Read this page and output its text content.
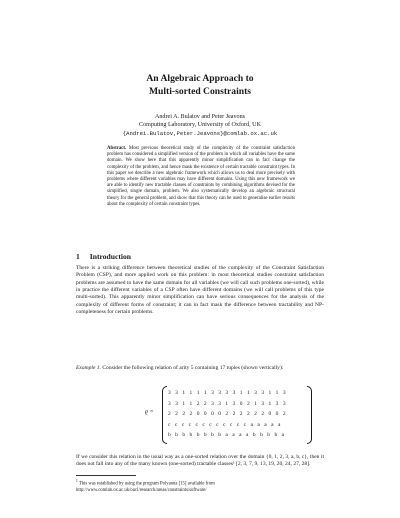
An Algebraic Approach to
Multi-sorted Constraints
Andrei A. Bulatov and Peter Jeavons
Computing Laboratory, University of Oxford, UK
{Andrei.Bulatov,Peter.Jeavons}@comlab.ox.ac.uk
Abstract. Most previous theoretical study of the complexity of the constraint satisfaction problem has considered a simplified version of the problem in which all variables have the same domain. We show here that this apparently minor simplification can in fact change the complexity of the problem, and hence mask the existence of certain tractable constraint types. In this paper we describe a new algebraic framework which allows us to deal more precisely with problems where different variables may have different domains. Using this new framework we are able to identify new tractable classes of constraints by combining algorithms devised for the simplified, single domain, problem. We also systematically develop an algebraic structural theory for the general problem, and show that this theory can be used to generalise earlier results about the complexity of certain constraint types.
1 Introduction
There is a striking difference between theoretical studies of the complexity of the Constraint Satisfaction Problem (CSP), and more applied work on this problem: in most theoretical studies constraint satisfaction problems are assumed to have the same domain for all variables (we will call such problems one-sorted), while in practice the different variables of a CSP often have different domains (we will call problems of this type multi-sorted). This apparently minor simplification can have serious consequences for the analysis of the complexity of different forms of constraint; it can in fact mask the difference between tractability and NP-completeness for certain problems.
Example 1. Consider the following relation of arity 5 containing 17 tuples (shown vertically):
ϱ =
3 3 1 1 1 1 3 3 3 3 1 1 3 3 1 1 3
3 3 1 1 2 2 3 3 1 3 0 2 1 3 1 3 3
2 2 2 2 0 0 0 0 2 2 2 2 2 2 0 0 2
c c c c c c c c c c c c a a a a a
b b b b b b b b a a a a b b b b a
If we consider this relation in the usual way as a one-sorted relation over the domain {0, 1, 2, 3, a, b, c}, then it does not fall into any of the many known (one-sorted) tractable classes¹ [2, 3, 7, 9, 13, 19, 20, 24, 27, 28].
$^1$ This was established by using the program Polyanna [15] available from http://www.comlab.ox.ac.uk/oucl/research/areas/constraints/software/
